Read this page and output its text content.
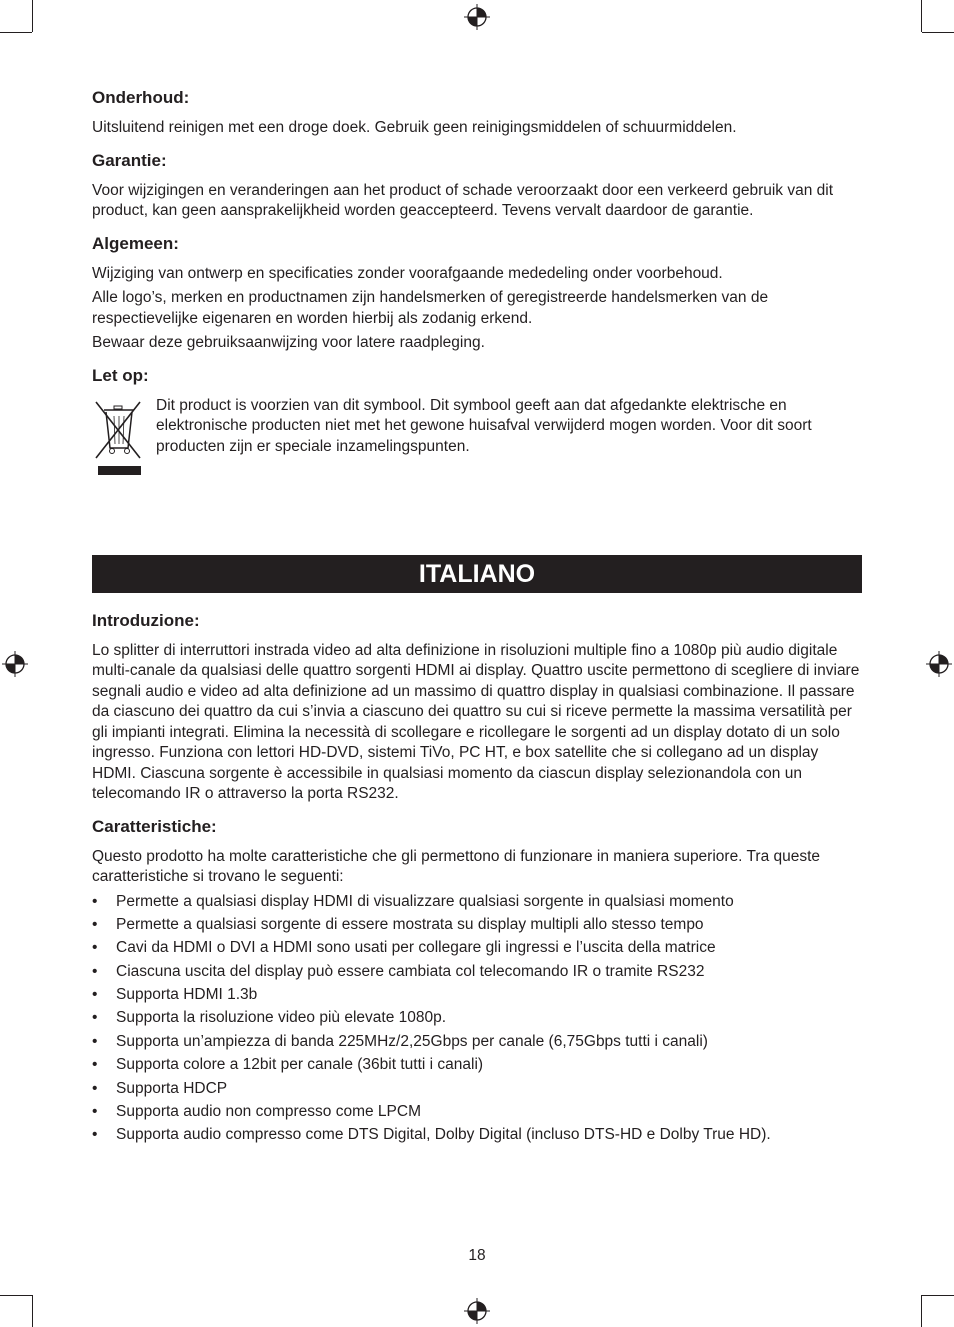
Onderhoud:

Uitsluitend reinigen met een droge doek. Gebruik geen reinigingsmiddelen of schuurmiddelen.

Garantie:

Voor wijzigingen en veranderingen aan het product of schade veroorzaakt door een verkeerd gebruik van dit product, kan geen aansprakelijkheid worden geaccepteerd. Tevens vervalt daardoor de garantie.

Algemeen:

Wijziging van ontwerp en specificaties zonder voorafgaande mededeling onder voorbehoud.

Alle logo’s, merken en productnamen zijn handelsmerken of geregistreerde handelsmerken van de respectievelijke eigenaren en worden hierbij als zodanig erkend.

Bewaar deze gebruiksaanwijzing voor latere raadpleging.

Let op:

Dit product is voorzien van dit symbool. Dit symbool geeft aan dat afgedankte elektrische en elektronische producten niet met het gewone huisafval verwijderd mogen worden. Voor dit soort producten zijn er speciale inzamelingspunten.

ITALIANO
Introduzione:

Lo splitter di interruttori instrada video ad alta definizione in risoluzioni multiple fino a 1080p più audio digitale multi-canale da qualsiasi delle quattro sorgenti HDMI ai display. Quattro uscite permettono di scegliere di inviare segnali audio e video ad alta definizione ad un massimo di quattro display in qualsiasi combinazione. Il passare da ciascuno dei quattro da cui s’invia a ciascuno dei quattro su cui si riceve permette la massima versatilità per gli impianti integrati. Elimina la necessità di scollegare e ricollegare le sorgenti ad un display dotato di un solo ingresso. Funziona con lettori HD-DVD, sistemi TiVo, PC HT, e box satellite che si collegano ad un display HDMI. Ciascuna sorgente è accessibile in qualsiasi momento da ciascun display selezionandola con un telecomando IR o attraverso la porta RS232.

Caratteristiche:

Questo prodotto ha molte caratteristiche che gli permettono di funzionare in maniera superiore. Tra queste caratteristiche si trovano le seguenti:

• Permette a qualsiasi display HDMI di visualizzare qualsiasi sorgente in qualsiasi momento
• Permette a qualsiasi sorgente di essere mostrata su display multipli allo stesso tempo
• Cavi da HDMI o DVI a HDMI sono usati per collegare gli ingressi e l’uscita della matrice
• Ciascuna uscita del display può essere cambiata col telecomando IR o tramite RS232
• Supporta HDMI 1.3b
• Supporta la risoluzione video più elevate 1080p.
• Supporta un’ampiezza di banda 225MHz/2,25Gbps per canale (6,75Gbps tutti i canali)
• Supporta colore a 12bit per canale (36bit tutti i canali)
• Supporta HDCP
• Supporta audio non compresso come LPCM
• Supporta audio compresso come DTS Digital, Dolby Digital (incluso DTS-HD e Dolby True HD).
18
